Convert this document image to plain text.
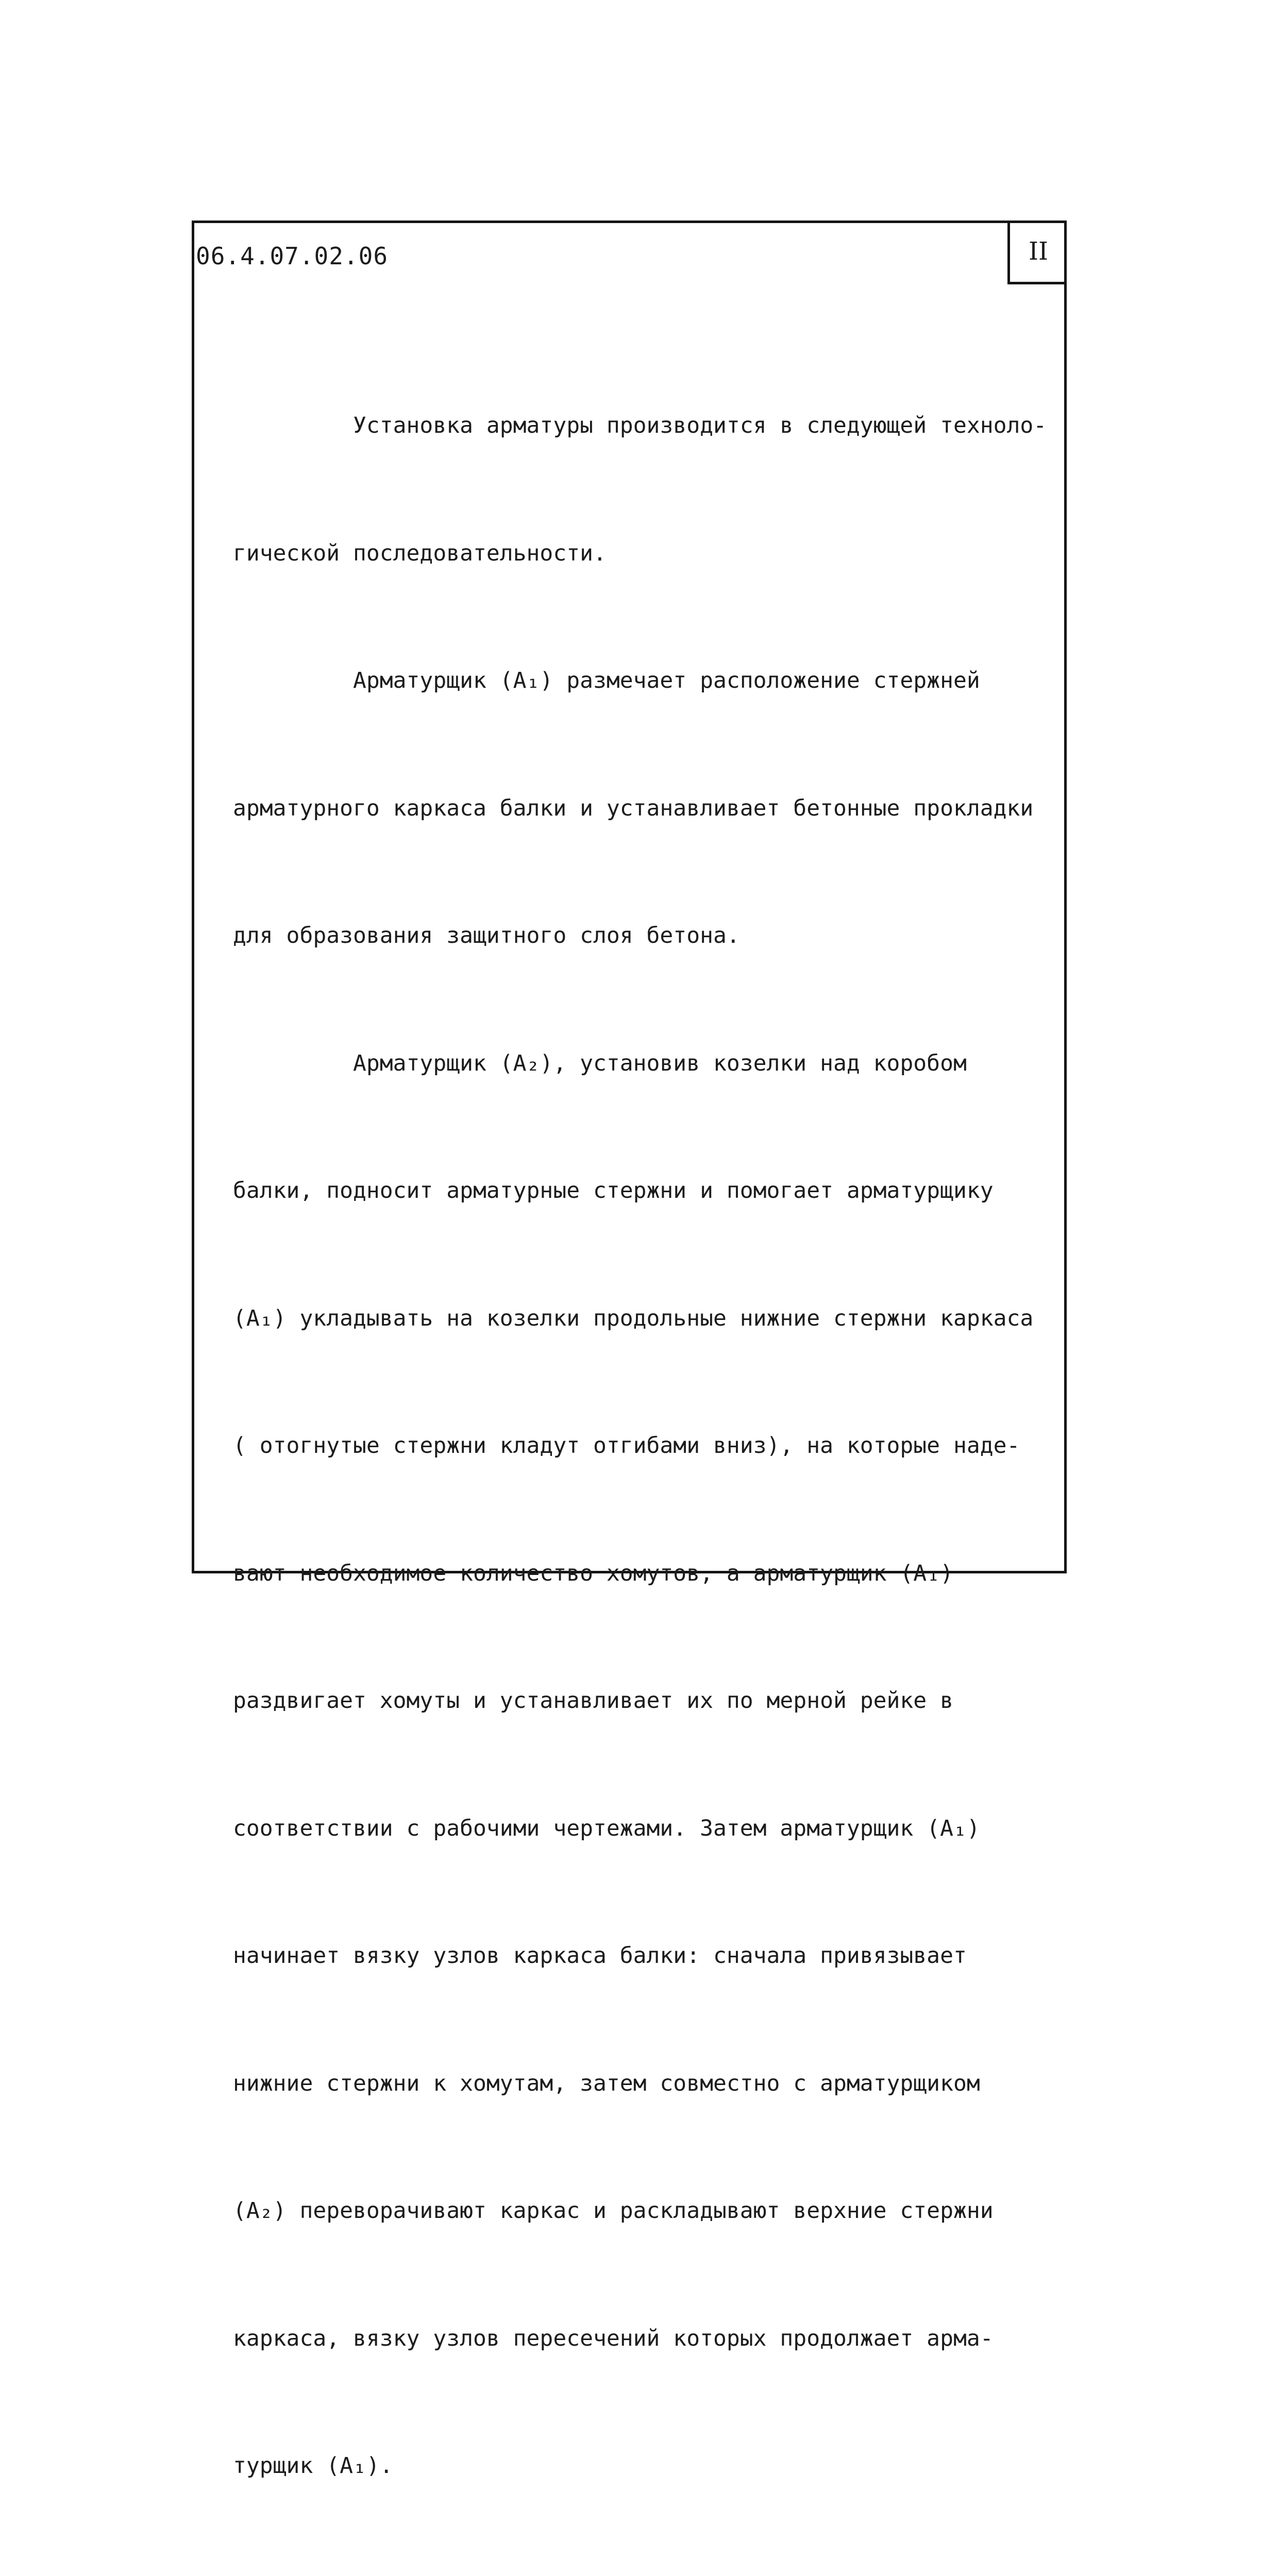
06.4.07.02.06	II

Установка арматуры производится в следующей техноло-

гической последовательности.

Арматурщик (А₁) размечает расположение стержней

арматурного каркаса балки и устанавливает бетонные прокладки

для образования защитного слоя бетона.

Арматурщик (А₂), установив козелки над коробом

балки, подносит арматурные стержни и помогает арматурщику

(А₁) укладывать на козелки продольные нижние стержни каркаса

( отогнутые стержни кладут отгибами вниз), на которые наде-

вают необходимое количество хомутов, а арматурщик (А₁)

раздвигает хомуты и устанавливает их по мерной рейке в

соответствии с рабочими чертежами. Затем арматурщик (А₁)

начинает вязку узлов каркаса балки: сначала привязывает

нижние стержни к хомутам, затем совместно с арматурщиком

(А₂) переворачивают каркас и раскладывают верхние стержни

каркаса, вязку узлов пересечений которых продолжает арма-

турщик (А₁).
